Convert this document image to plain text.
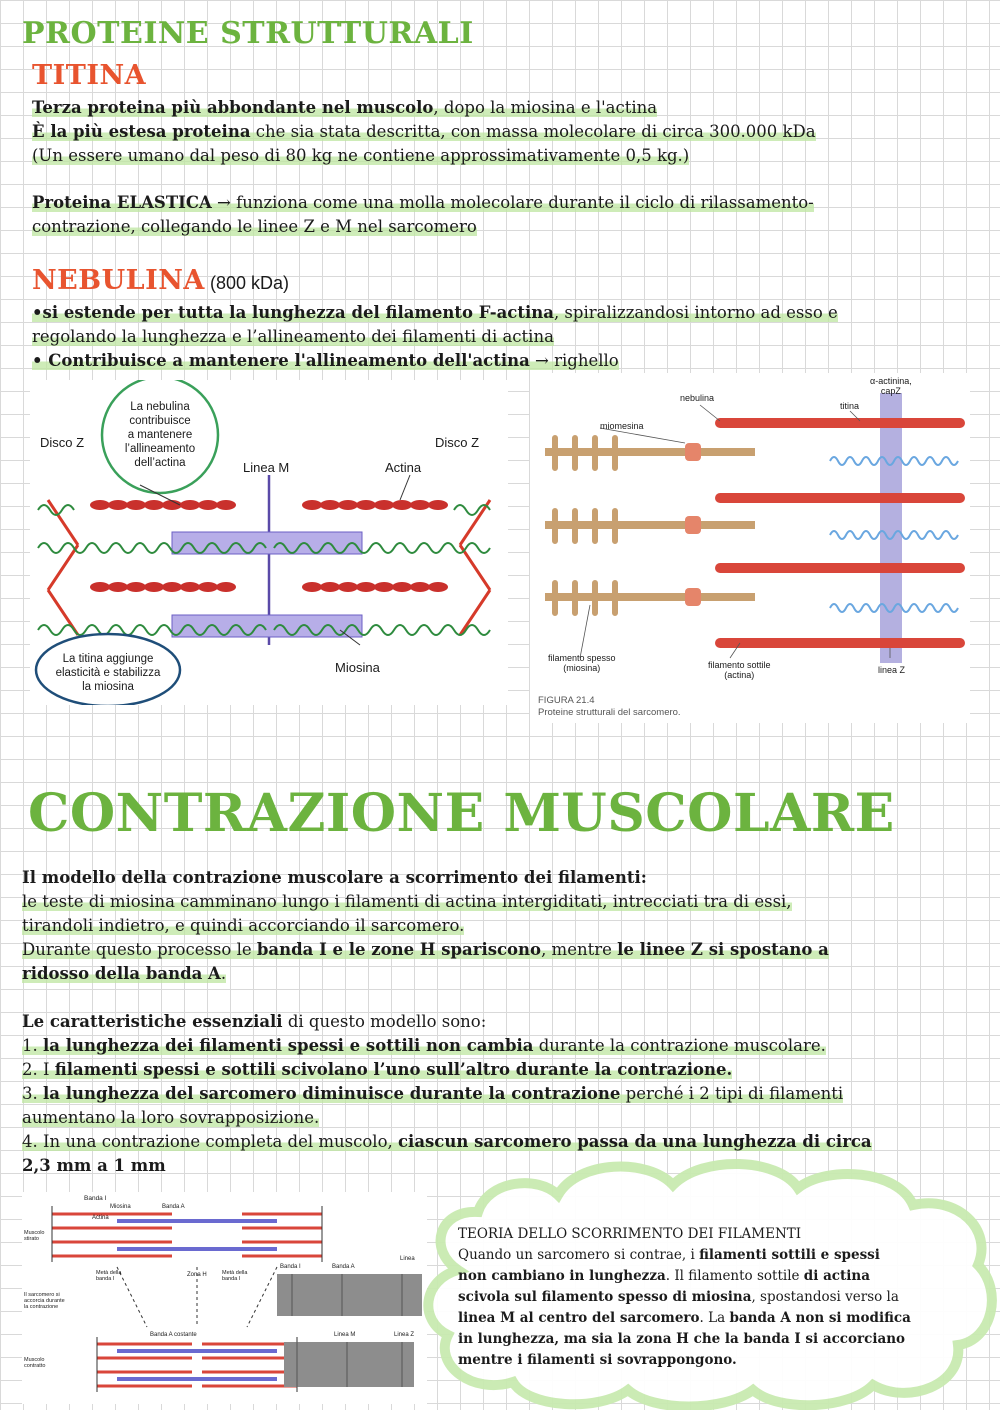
PROTEINE STRUTTURALI
TITINA
Terza proteina più abbondante nel muscolo, dopo la miosina e l'actina
È la più estesa proteina che sia stata descritta, con massa molecolare di circa 300.000 kDa
(Un essere umano dal peso di 80 kg ne contiene approssimativamente 0,5 kg.)
Proteina ELASTICA → funziona come una molla molecolare durante il ciclo di rilassamento-
contrazione, collegando le linee Z e M nel sarcomero
NEBULINA (800 kDa)
•si estende per tutta la lunghezza del filamento F-actina, spiralizzandosi intorno ad esso e
regolando la lunghezza e l’allineamento dei filamenti di actina
• Contribuisce a mantenere l'allineamento dell'actina → righello
Disco Z	Disco Z
Linea M	Actina
Miosina
La nebulina
contribuisce
a mantenere
l’allineamento
dell’actina
La titina aggiunge
elasticità e stabilizza
la miosina
nebulina
miomesina
titina
α-actinina,
capZ
filamento spesso
(miosina)	filamento sottile
(actina)	linea Z
FIGURA 21.4
Proteine strutturali del sarcomero.
CONTRAZIONE MUSCOLARE
Il modello della contrazione muscolare a scorrimento dei filamenti:
le teste di miosina camminano lungo i filamenti di actina intergiditati, intrecciati tra di essi,
tirandoli indietro, e quindi accorciando il sarcomero.
Durante questo processo le banda I e le zone H spariscono, mentre le linee Z si spostano a
ridosso della banda A.
Le caratteristiche essenziali di questo modello sono:
1. la lunghezza dei filamenti spessi e sottili non cambia durante la contrazione muscolare.
2. I filamenti spessi e sottili scivolano l’uno sull’altro durante la contrazione.
3. la lunghezza del sarcomero diminuisce durante la contrazione perché i 2 tipi di filamenti
aumentano la loro sovrapposizione.
4. In una contrazione completa del muscolo, ciascun sarcomero passa da una lunghezza di circa
2,3 mm a 1 mm
Banda I
Miosina	Banda A
Actina
Muscolo stirato
Metà della banda I
Zona H	Metà della banda I
Il sarcomero si accorcia durante la contrazione
Banda A costante
Muscolo contratto
Banda I	Banda A
Linea
Linea M	Linea Z
TEORIA DELLO SCORRIMENTO DEI FILAMENTI
Quando un sarcomero si contrae, i filamenti sottili e spessi
non cambiano in lunghezza. Il filamento sottile di actina
scivola sul filamento spesso di miosina, spostandosi verso la
linea M al centro del sarcomero. La banda A non si modifica
in lunghezza, ma sia la zona H che la banda I si accorciano
mentre i filamenti si sovrappongono.
